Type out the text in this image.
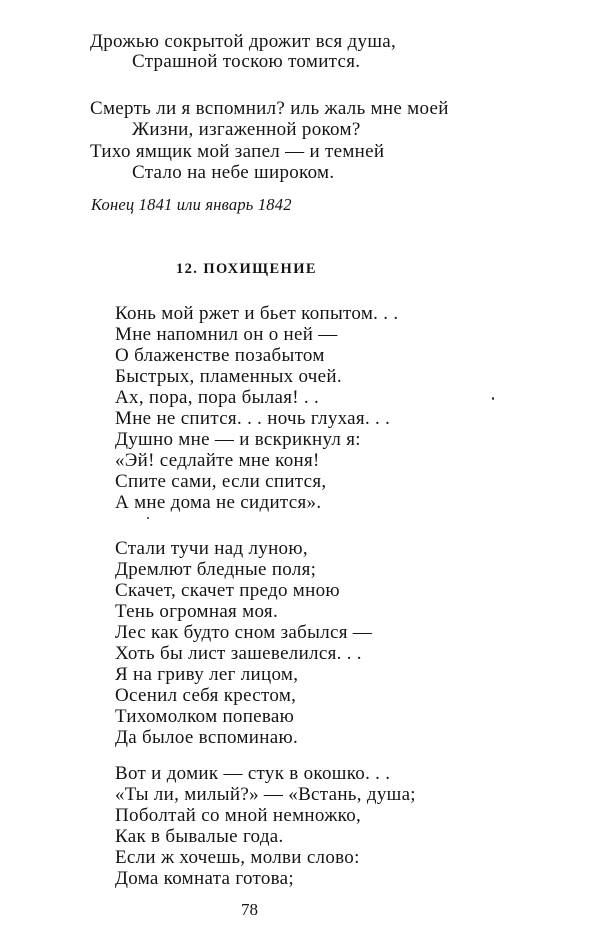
Дрожью сокрытой дрожит вся душа,
Страшной тоскою томится.
Смерть ли я вспомнил? иль жаль мне моей
Жизни, изгаженной роком?
Тихо ямщик мой запел — и темней
Стало на небе широком.
Конец 1841 или январь 1842
12. ПОХИЩЕНИЕ
Конь мой ржет и бьет копытом. . .
Мне напомнил он о ней —
О блаженстве позабытом
Быстрых, пламенных очей.
Ах, пора, пора былая! . .
Мне не спится. . . ночь глухая. . .
Душно мне — и вскрикнул я:
«Эй! седлайте мне коня!
Спите сами, если спится,
А мне дома не сидится».
Стали тучи над луною,
Дремлют бледные поля;
Скачет, скачет предо мною
Тень огромная моя.
Лес как будто сном забылся —
Хоть бы лист зашевелился. . .
Я на гриву лег лицом,
Осенил себя крестом,
Тихомолком попеваю
Да былое вспоминаю.
Вот и домик — стук в окошко. . .
«Ты ли, милый?» — «Встань, душа;
Поболтай со мной немножко,
Как в бывалые года.
Если ж хочешь, молви слово:
Дома комната готова;
78
